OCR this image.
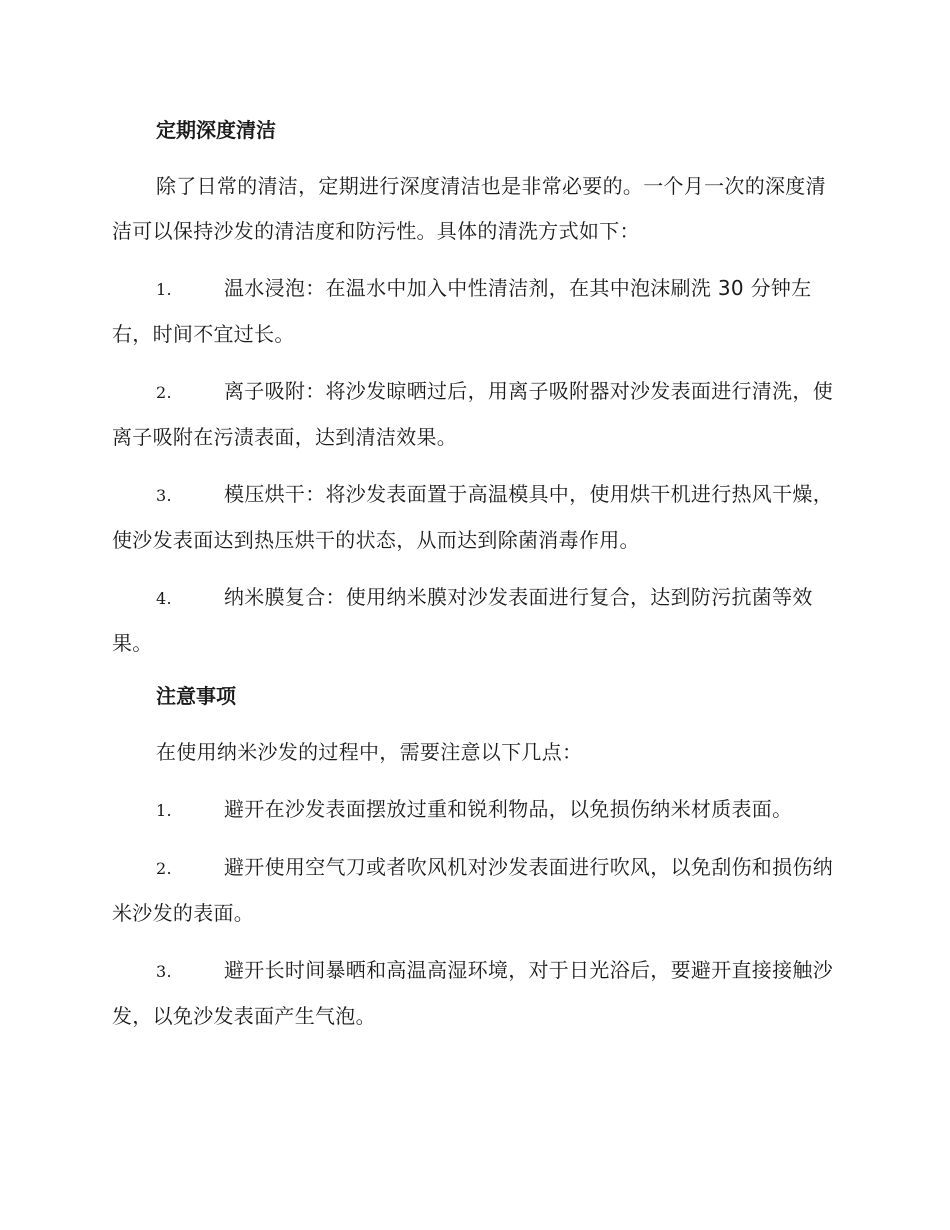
定期深度清洁

除了日常的清洁，定期进行深度清洁也是非常必要的。一个月一次的深度清洁可以保持沙发的清洁度和防污性。具体的清洗方式如下：

1.	温水浸泡：在温水中加入中性清洁剂，在其中泡沫刷洗 30 分钟左右，时间不宜过长。

2.	离子吸附：将沙发晾晒过后，用离子吸附器对沙发表面进行清洗，使离子吸附在污渍表面，达到清洁效果。

3.	模压烘干：将沙发表面置于高温模具中，使用烘干机进行热风干燥，使沙发表面达到热压烘干的状态，从而达到除菌消毒作用。

4.	纳米膜复合：使用纳米膜对沙发表面进行复合，达到防污抗菌等效果。

注意事项

在使用纳米沙发的过程中，需要注意以下几点：

1.	避开在沙发表面摆放过重和锐利物品，以免损伤纳米材质表面。

2.	避开使用空气刀或者吹风机对沙发表面进行吹风，以免刮伤和损伤纳米沙发的表面。

3.	避开长时间暴晒和高温高湿环境，对于日光浴后，要避开直接接触沙发，以免沙发表面产生气泡。
